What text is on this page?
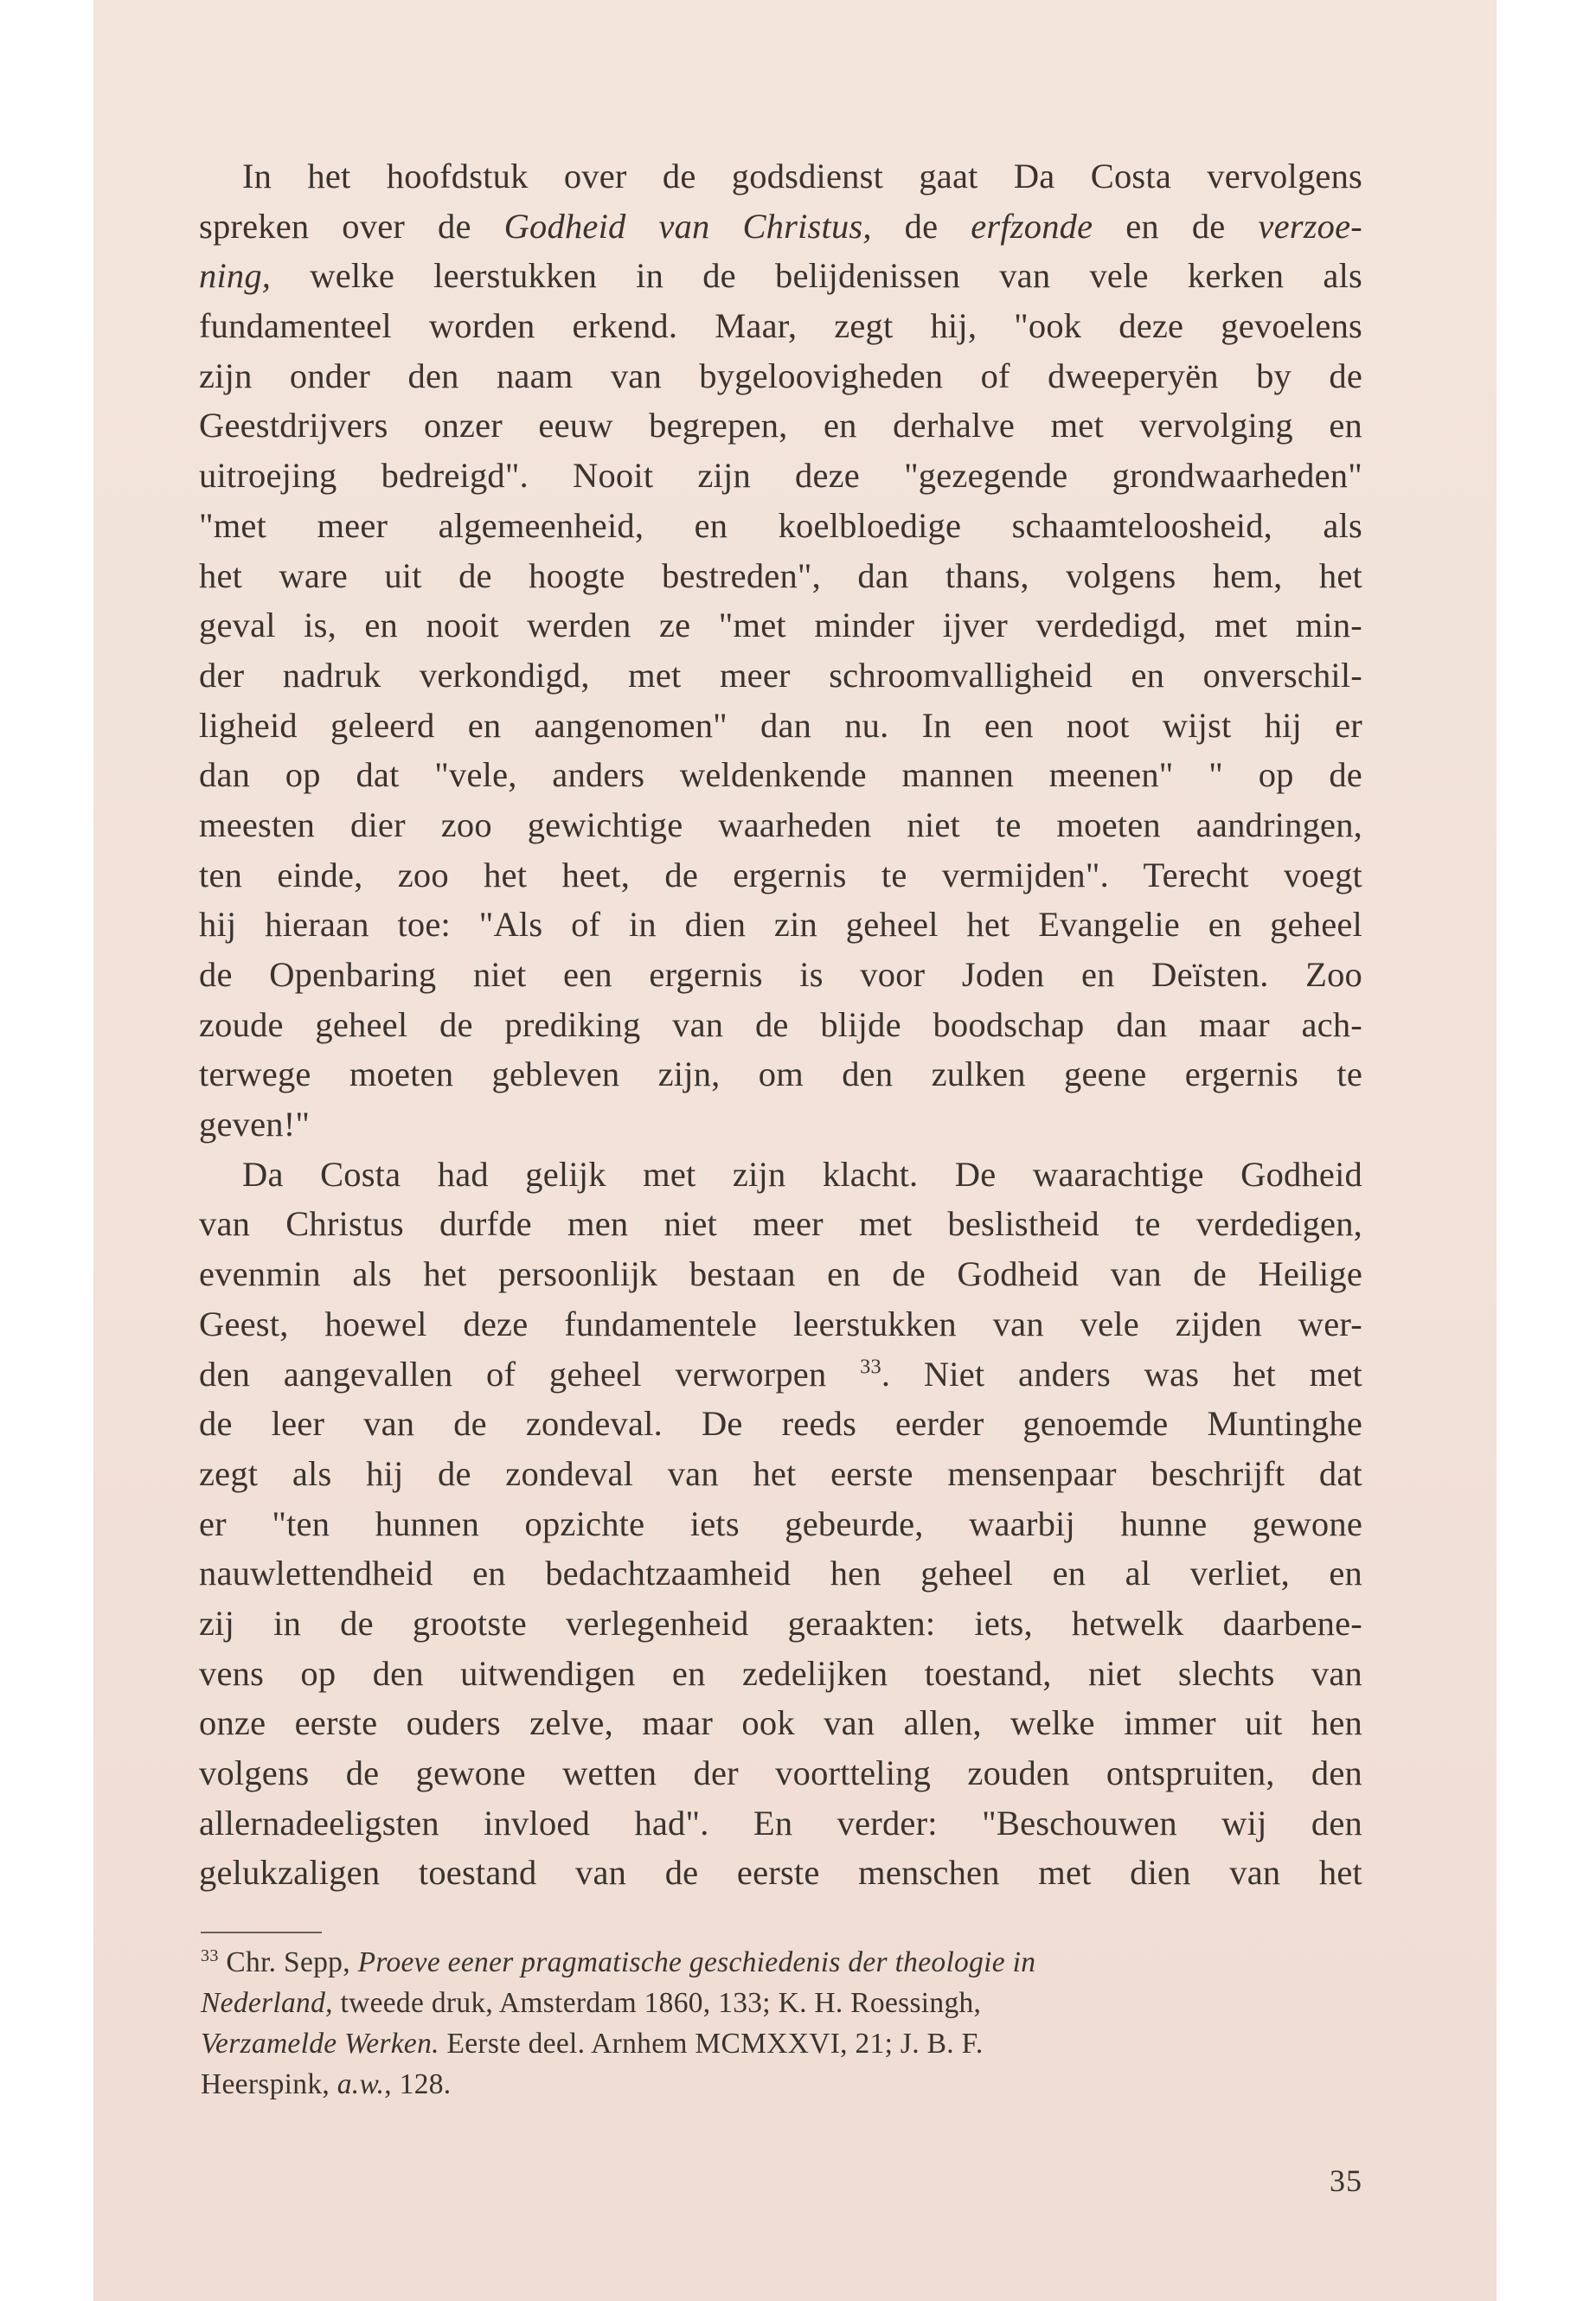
In het hoofdstuk over de godsdienst gaat Da Costa vervolgens
spreken over de Godheid van Christus, de erfzonde en de verzoe-
ning, welke leerstukken in de belijdenissen van vele kerken als
fundamenteel worden erkend. Maar, zegt hij, "ook deze gevoelens
zijn onder den naam van bygeloovigheden of dweeperyën by de
Geestdrijvers onzer eeuw begrepen, en derhalve met vervolging en
uitroejing bedreigd". Nooit zijn deze "gezegende grondwaarheden"
"met meer algemeenheid, en koelbloedige schaamteloosheid, als
het ware uit de hoogte bestreden", dan thans, volgens hem, het
geval is, en nooit werden ze "met minder ijver verdedigd, met min-
der nadruk verkondigd, met meer schroomvalligheid en onverschil-
ligheid geleerd en aangenomen" dan nu. In een noot wijst hij er
dan op dat "vele, anders weldenkende mannen meenen" " op de
meesten dier zoo gewichtige waarheden niet te moeten aandringen,
ten einde, zoo het heet, de ergernis te vermijden". Terecht voegt
hij hieraan toe: "Als of in dien zin geheel het Evangelie en geheel
de Openbaring niet een ergernis is voor Joden en Deïsten. Zoo
zoude geheel de prediking van de blijde boodschap dan maar ach-
terwege moeten gebleven zijn, om den zulken geene ergernis te
geven!"
Da Costa had gelijk met zijn klacht. De waarachtige Godheid
van Christus durfde men niet meer met beslistheid te verdedigen,
evenmin als het persoonlijk bestaan en de Godheid van de Heilige
Geest, hoewel deze fundamentele leerstukken van vele zijden wer-
den aangevallen of geheel verworpen $^{33}$. Niet anders was het met
de leer van de zondeval. De reeds eerder genoemde Muntinghe
zegt als hij de zondeval van het eerste mensenpaar beschrijft dat
er "ten hunnen opzichte iets gebeurde, waarbij hunne gewone
nauwlettendheid en bedachtzaamheid hen geheel en al verliet, en
zij in de grootste verlegenheid geraakten: iets, hetwelk daarbene-
vens op den uitwendigen en zedelijken toestand, niet slechts van
onze eerste ouders zelve, maar ook van allen, welke immer uit hen
volgens de gewone wetten der voortteling zouden ontspruiten, den
allernadeeligsten invloed had". En verder: "Beschouwen wij den
gelukzaligen toestand van de eerste menschen met dien van het
$^{33}$ Chr. Sepp, Proeve eener pragmatische geschiedenis der theologie in
Nederland, tweede druk, Amsterdam 1860, 133; K. H. Roessingh,
Verzamelde Werken. Eerste deel. Arnhem MCMXXVI, 21; J. B. F.
Heerspink, a.w., 128.
35
